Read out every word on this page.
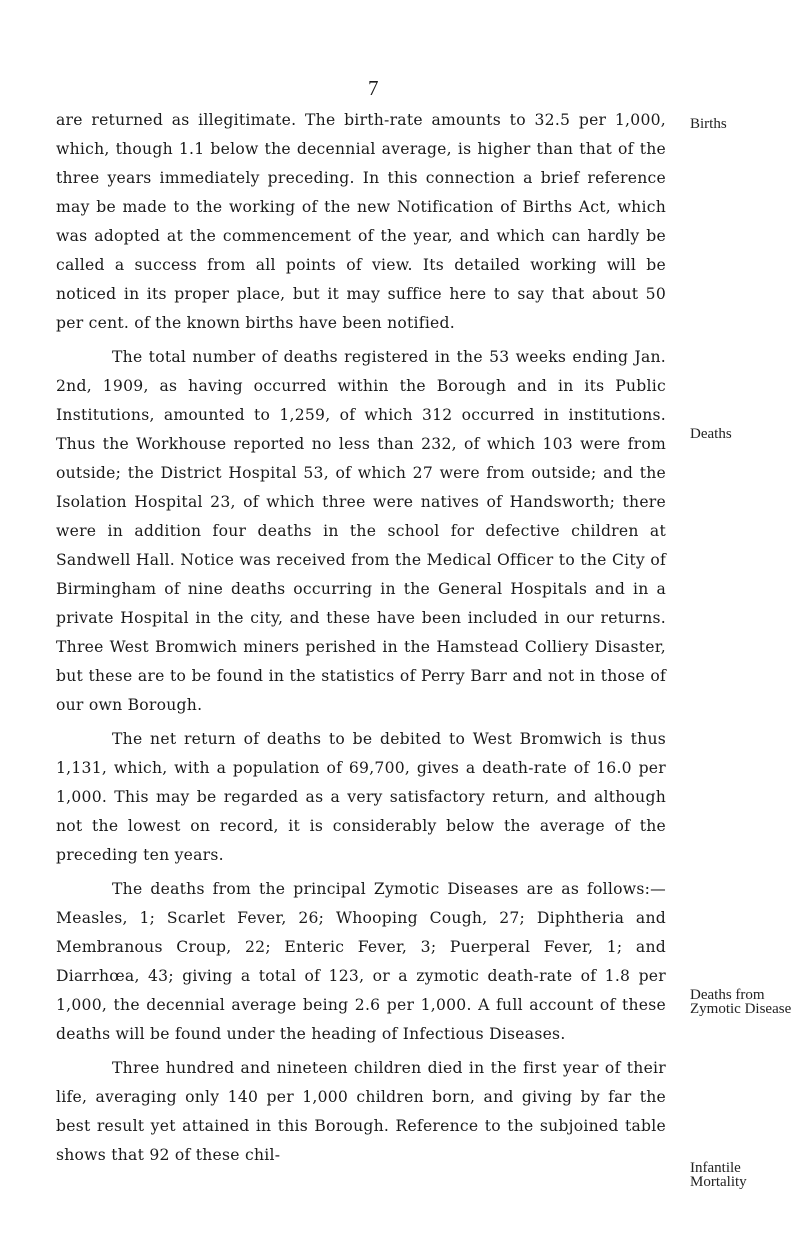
7

are returned as illegitimate. The birth-rate amounts to 32.5 per 1,000, which, though 1.1 below the decennial average, is higher than that of the three years immediately preceding. In this connection a brief reference may be made to the working of the new Notification of Births Act, which was adopted at the commencement of the year, and which can hardly be called a success from all points of view. Its detailed working will be noticed in its proper place, but it may suffice here to say that about 50 per cent. of the known births have been notified.

The total number of deaths registered in the 53 weeks ending Jan. 2nd, 1909, as having occurred within the Borough and in its Public Institutions, amounted to 1,259, of which 312 occurred in institutions. Thus the Workhouse reported no less than 232, of which 103 were from outside; the District Hospital 53, of which 27 were from outside; and the Isolation Hospital 23, of which three were natives of Handsworth; there were in addition four deaths in the school for defective children at Sandwell Hall. Notice was received from the Medical Officer to the City of Birmingham of nine deaths occurring in the General Hospitals and in a private Hospital in the city, and these have been included in our returns. Three West Bromwich miners perished in the Hamstead Colliery Disaster, but these are to be found in the statistics of Perry Barr and not in those of our own Borough.

The net return of deaths to be debited to West Bromwich is thus 1,131, which, with a population of 69,700, gives a death-rate of 16.0 per 1,000. This may be regarded as a very satisfactory return, and although not the lowest on record, it is considerably below the average of the preceding ten years.

The deaths from the principal Zymotic Diseases are as follows:—Measles, 1; Scarlet Fever, 26; Whooping Cough, 27; Diphtheria and Membranous Croup, 22; Enteric Fever, 3; Puerperal Fever, 1; and Diarrhœa, 43; giving a total of 123, or a zymotic death-rate of 1.8 per 1,000, the decennial average being 2.6 per 1,000. A full account of these deaths will be found under the heading of Infectious Diseases.

Three hundred and nineteen children died in the first year of their life, averaging only 140 per 1,000 children born, and giving by far the best result yet attained in this Borough. Reference to the subjoined table shows that 92 of these chil-

Births
Deaths
Deaths from Zymotic Disease
Infantile Mortality
